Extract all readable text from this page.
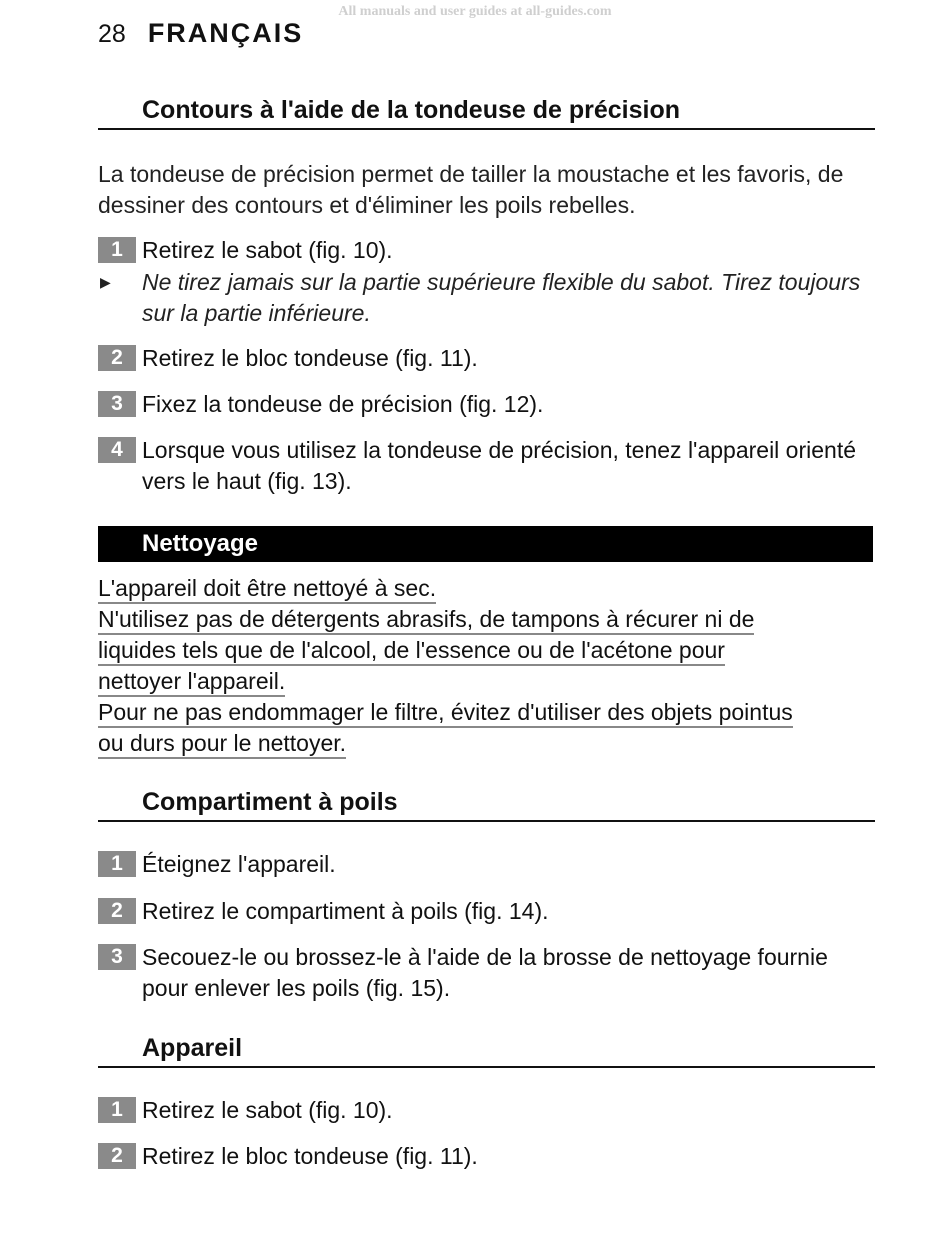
All manuals and user guides at all-guides.com
28 FRANÇAIS
Contours à l'aide de la tondeuse de précision
La tondeuse de précision permet de tailler la moustache et les favoris, de dessiner des contours et d'éliminer les poils rebelles.
1 Retirez le sabot (fig. 10).
▶	Ne tirez jamais sur la partie supérieure flexible du sabot. Tirez toujours sur la partie inférieure.
2 Retirez le bloc tondeuse (fig. 11).
3 Fixez la tondeuse de précision (fig. 12).
4 Lorsque vous utilisez la tondeuse de précision, tenez l'appareil orienté vers le haut (fig. 13).
Nettoyage
L'appareil doit être nettoyé à sec.
N'utilisez pas de détergents abrasifs, de tampons à récurer ni de
liquides tels que de l'alcool, de l'essence ou de l'acétone pour
nettoyer l'appareil.
Pour ne pas endommager le filtre, évitez d'utiliser des objets pointus
ou durs pour le nettoyer.
Compartiment à poils
1 Éteignez l'appareil.
2 Retirez le compartiment à poils (fig. 14).
3 Secouez-le ou brossez-le à l'aide de la brosse de nettoyage fournie pour enlever les poils (fig. 15).
Appareil
1 Retirez le sabot (fig. 10).
2 Retirez le bloc tondeuse (fig. 11).
